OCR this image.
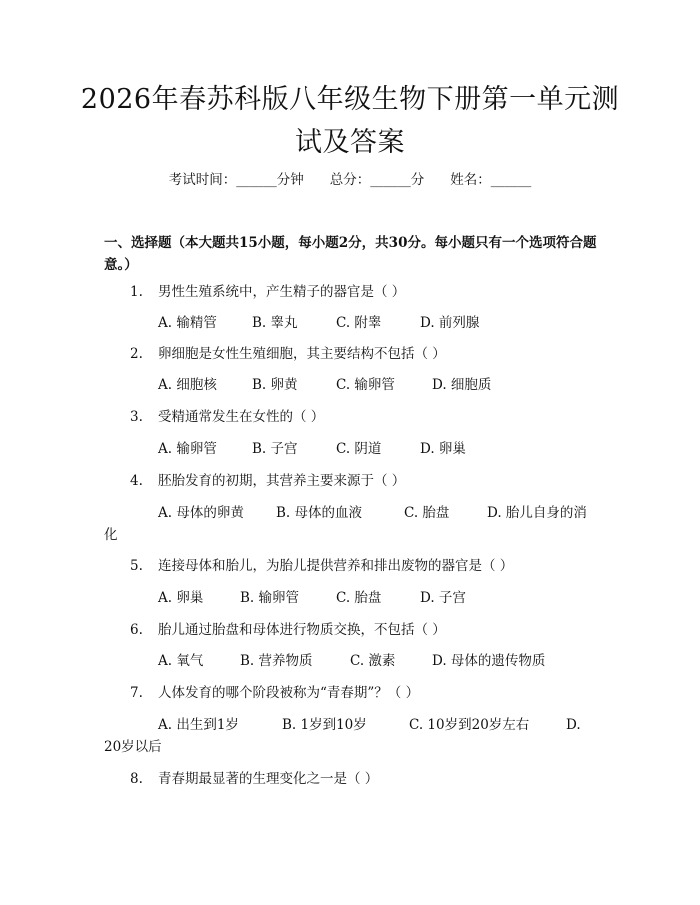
2026年春苏科版八年级生物下册第一单元测
试及答案
考试时间：______分钟 总分：______分 姓名：______

一、选择题（本大题共15小题，每小题2分，共30分。每小题只有一个选项符合题意。）

1. 男性生殖系统中，产生精子的器官是（ ）
A. 输精管	B. 睾丸	C. 附睾	D. 前列腺
2. 卵细胞是女性生殖细胞，其主要结构不包括（ ）
A. 细胞核	B. 卵黄	C. 输卵管	D. 细胞质
3. 受精通常发生在女性的（ ）
A. 输卵管	B. 子宫	C. 阴道	D. 卵巢
4. 胚胎发育的初期，其营养主要来源于（ ）
A. 母体的卵黄 B. 母体的血液	C. 胎盘	D. 胎儿自身的消
化
5. 连接母体和胎儿，为胎儿提供营养和排出废物的器官是（ ）
A. 卵巢	B. 输卵管	C. 胎盘	D. 子宫
6. 胎儿通过胎盘和母体进行物质交换，不包括（ ）
A. 氧气	B. 营养物质	C. 激素	D. 母体的遗传物质
7. 人体发育的哪个阶段被称为“青春期”？（ ）
A. 出生到1岁	B. 1岁到10岁	C. 10岁到20岁左右	D.
20岁以后
8. 青春期最显著的生理变化之一是（ ）
